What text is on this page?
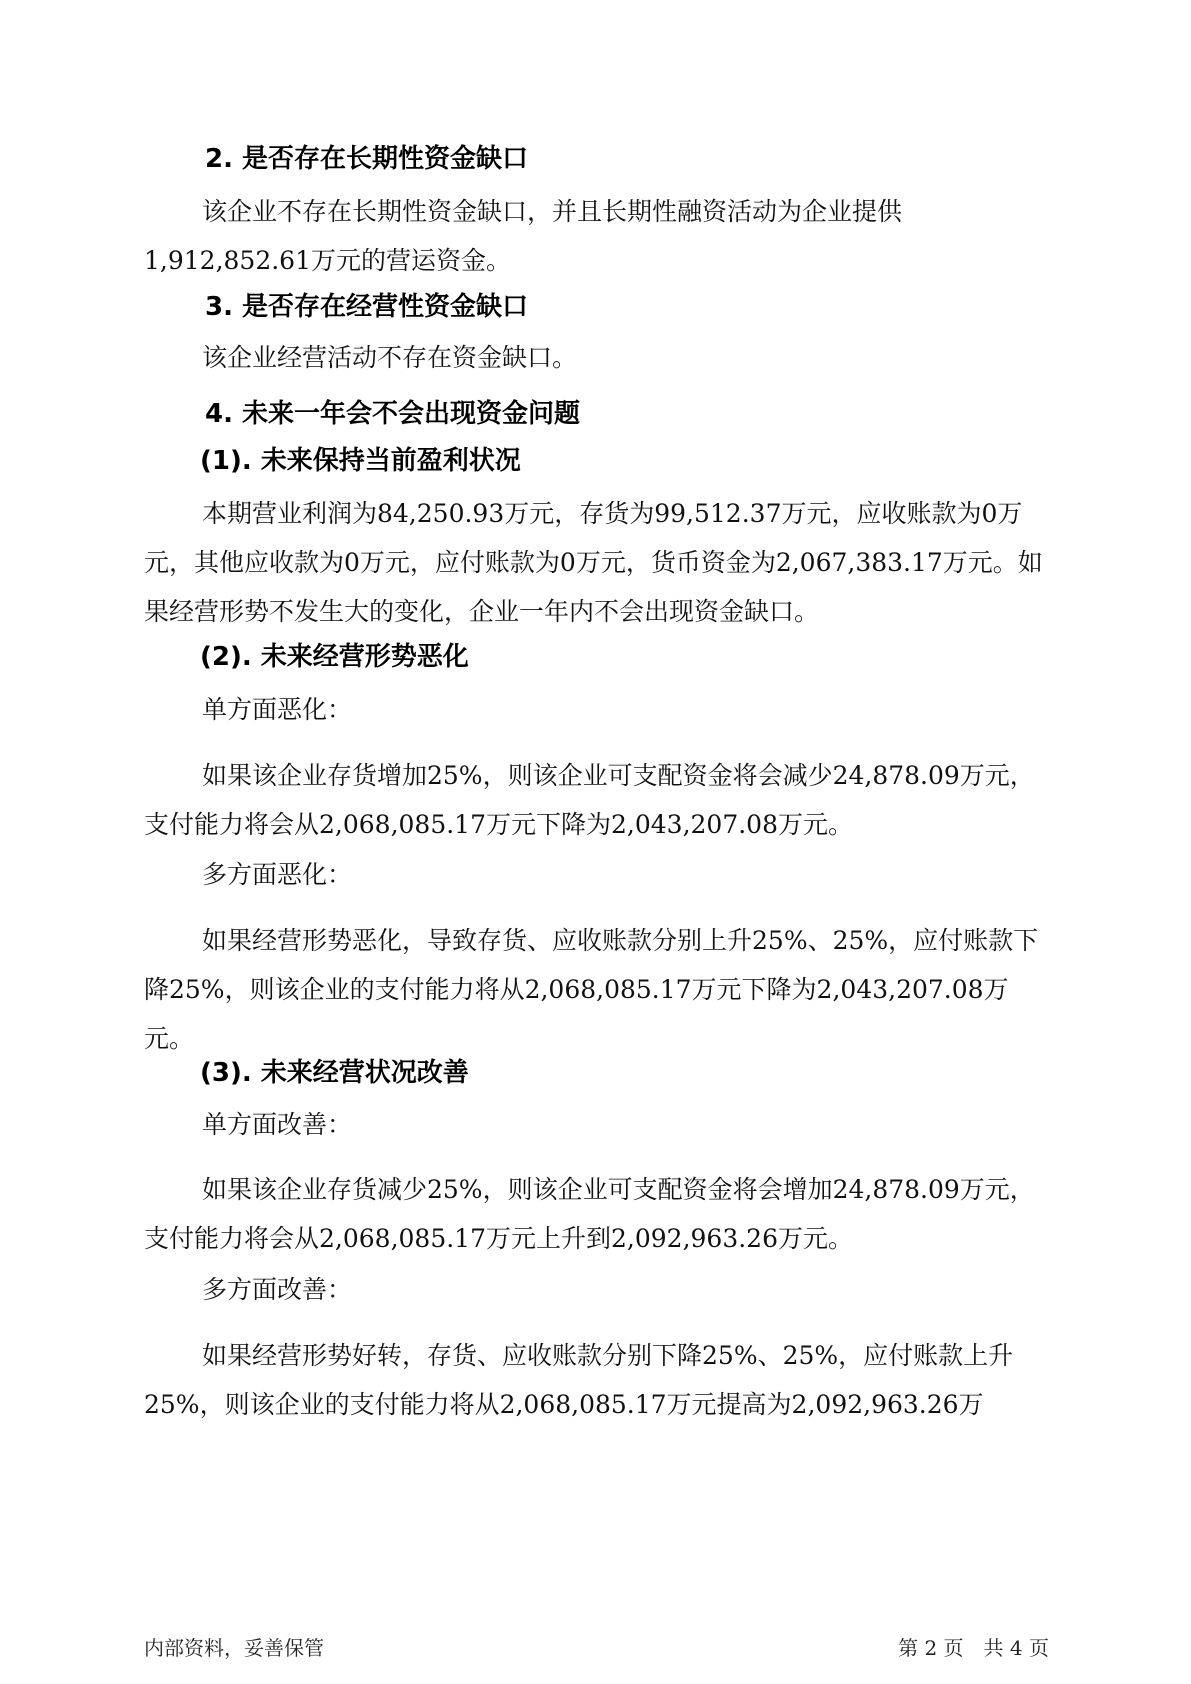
2. 是否存在长期性资金缺口

该企业不存在长期性资金缺口，并且长期性融资活动为企业提供1,912,852.61万元的营运资金。

3. 是否存在经营性资金缺口

该企业经营活动不存在资金缺口。

4. 未来一年会不会出现资金问题
(1). 未来保持当前盈利状况

本期营业利润为84,250.93万元，存货为99,512.37万元，应收账款为0万元，其他应收款为0万元，应付账款为0万元，货币资金为2,067,383.17万元。如果经营形势不发生大的变化，企业一年内不会出现资金缺口。

(2). 未来经营形势恶化

单方面恶化：

如果该企业存货增加25%，则该企业可支配资金将会减少24,878.09万元，支付能力将会从2,068,085.17万元下降为2,043,207.08万元。

多方面恶化：

如果经营形势恶化，导致存货、应收账款分别上升25%、25%，应付账款下降25%，则该企业的支付能力将从2,068,085.17万元下降为2,043,207.08万元。

(3). 未来经营状况改善

单方面改善：

如果该企业存货减少25%，则该企业可支配资金将会增加24,878.09万元，支付能力将会从2,068,085.17万元上升到2,092,963.26万元。

多方面改善：

如果经营形势好转，存货、应收账款分别下降25%、25%，应付账款上升25%，则该企业的支付能力将从2,068,085.17万元提高为2,092,963.26万

内部资料，妥善保管	第 2 页　共 4 页
